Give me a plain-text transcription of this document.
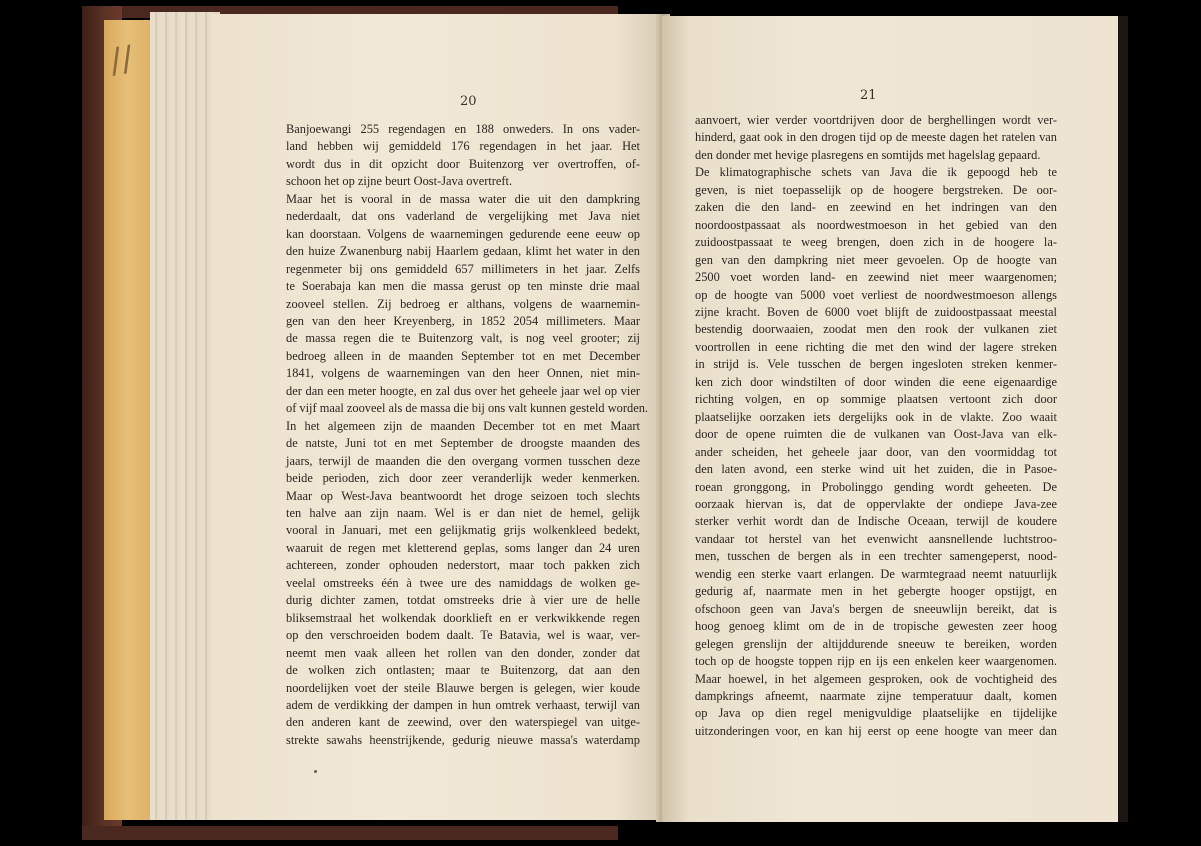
//
20
Banjoewangi 255 regendagen en 188 onweders. In ons vader-
land hebben wij gemiddeld 176 regendagen in het jaar. Het
wordt dus in dit opzicht door Buitenzorg ver overtroffen, of-
schoon het op zijne beurt Oost-Java overtreft.
Maar het is vooral in de massa water die uit den dampkring
nederdaalt, dat ons vaderland de vergelijking met Java niet
kan doorstaan. Volgens de waarnemingen gedurende eene eeuw op
den huize Zwanenburg nabij Haarlem gedaan, klimt het water in den
regenmeter bij ons gemiddeld 657 millimeters in het jaar. Zelfs
te Soerabaja kan men die massa gerust op ten minste drie maal
zooveel stellen. Zij bedroeg er althans, volgens de waarnemin-
gen van den heer Kreyenberg, in 1852 2054 millimeters. Maar
de massa regen die te Buitenzorg valt, is nog veel grooter; zij
bedroeg alleen in de maanden September tot en met December
1841, volgens de waarnemingen van den heer Onnen, niet min-
der dan een meter hoogte, en zal dus over het geheele jaar wel op vier
of vijf maal zooveel als de massa die bij ons valt kunnen gesteld worden.
In het algemeen zijn de maanden December tot en met Maart
de natste, Juni tot en met September de droogste maanden des
jaars, terwijl de maanden die den overgang vormen tusschen deze
beide perioden, zich door zeer veranderlijk weder kenmerken.
Maar op West-Java beantwoordt het droge seizoen toch slechts
ten halve aan zijn naam. Wel is er dan niet de hemel, gelijk
vooral in Januari, met een gelijkmatig grijs wolkenkleed bedekt,
waaruit de regen met kletterend geplas, soms langer dan 24 uren
achtereen, zonder ophouden nederstort, maar toch pakken zich
veelal omstreeks één à twee ure des namiddags de wolken ge-
durig dichter zamen, totdat omstreeks drie à vier ure de helle
bliksemstraal het wolkendak doorklieft en er verkwikkende regen
op den verschroeiden bodem daalt. Te Batavia, wel is waar, ver-
neemt men vaak alleen het rollen van den donder, zonder dat
de wolken zich ontlasten; maar te Buitenzorg, dat aan den
noordelijken voet der steile Blauwe bergen is gelegen, wier koude
adem de verdikking der dampen in hun omtrek verhaast, terwijl van
den anderen kant de zeewind, over den waterspiegel van uitge-
strekte sawahs heenstrijkende, gedurig nieuwe massa's waterdamp
21
aanvoert, wier verder voortdrijven door de berghellingen wordt ver-
hinderd, gaat ook in den drogen tijd op de meeste dagen het ratelen van
den donder met hevige plasregens en somtijds met hagelslag gepaard.
De klimatographische schets van Java die ik gepoogd heb te
geven, is niet toepasselijk op de hoogere bergstreken. De oor-
zaken die den land- en zeewind en het indringen van den
noordoostpassaat als noordwestmoeson in het gebied van den
zuidoostpassaat te weeg brengen, doen zich in de hoogere la-
gen van den dampkring niet meer gevoelen. Op de hoogte van
2500 voet worden land- en zeewind niet meer waargenomen;
op de hoogte van 5000 voet verliest de noordwestmoeson allengs
zijne kracht. Boven de 6000 voet blijft de zuidoostpassaat meestal
bestendig doorwaaien, zoodat men den rook der vulkanen ziet
voortrollen in eene richting die met den wind der lagere streken
in strijd is. Vele tusschen de bergen ingesloten streken kenmer-
ken zich door windstilten of door winden die eene eigenaardige
richting volgen, en op sommige plaatsen vertoont zich door
plaatselijke oorzaken iets dergelijks ook in de vlakte. Zoo waait
door de opene ruimten die de vulkanen van Oost-Java van elk-
ander scheiden, het geheele jaar door, van den voormiddag tot
den laten avond, een sterke wind uit het zuiden, die in Pasoe-
roean gronggong, in Probolinggo gending wordt geheeten. De
oorzaak hiervan is, dat de oppervlakte der ondiepe Java-zee
sterker verhit wordt dan de Indische Oceaan, terwijl de koudere
vandaar tot herstel van het evenwicht aansnellende luchtstroo-
men, tusschen de bergen als in een trechter samengeperst, nood-
wendig een sterke vaart erlangen. De warmtegraad neemt natuurlijk
gedurig af, naarmate men in het gebergte hooger opstijgt, en
ofschoon geen van Java's bergen de sneeuwlijn bereikt, dat is
hoog genoeg klimt om de in de tropische gewesten zeer hoog
gelegen grenslijn der altijddurende sneeuw te bereiken, worden
toch op de hoogste toppen rijp en ijs een enkelen keer waargenomen.
Maar hoewel, in het algemeen gesproken, ook de vochtigheid des
dampkrings afneemt, naarmate zijne temperatuur daalt, komen
op Java op dien regel menigvuldige plaatselijke en tijdelijke
uitzonderingen voor, en kan hij eerst op eene hoogte van meer dan
